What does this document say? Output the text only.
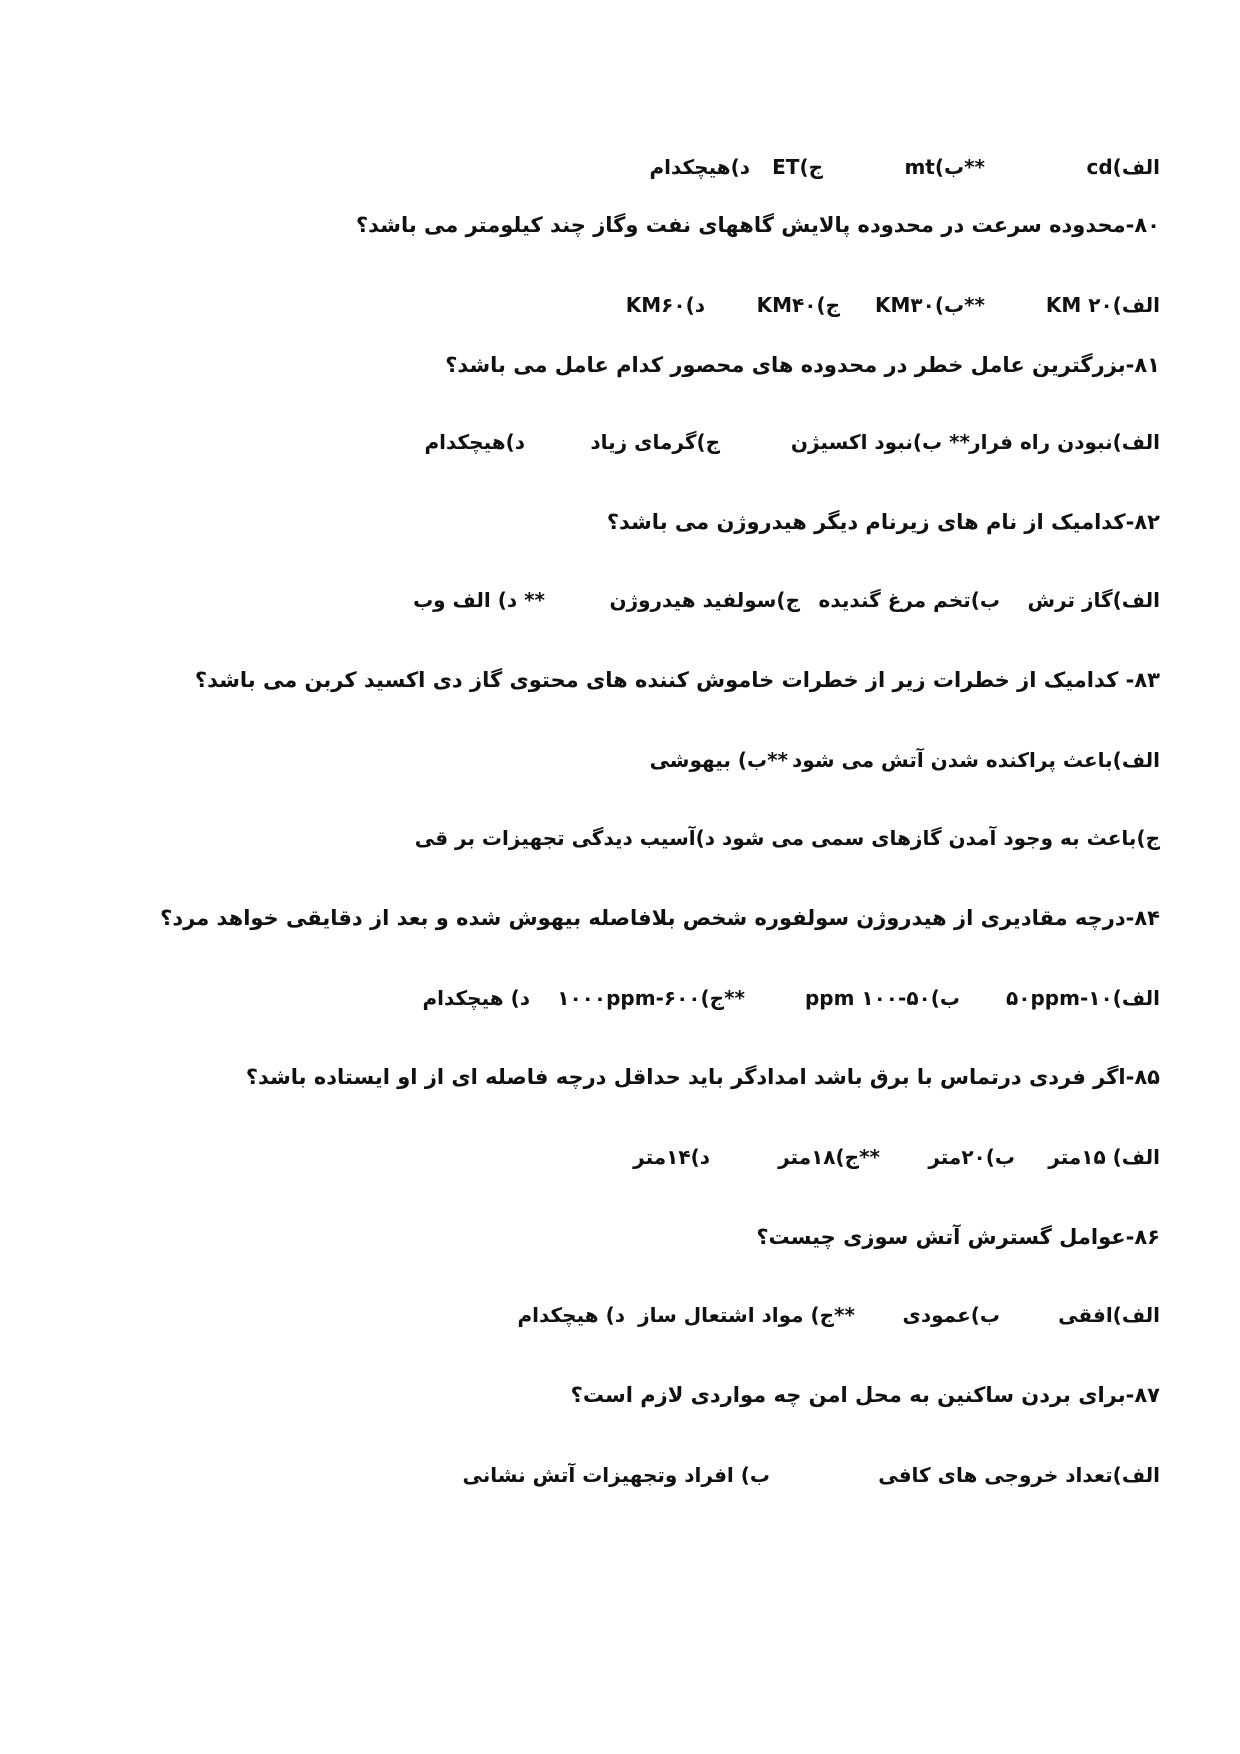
الف)cd
**ب)mt
ج)ET
د)هیچکدام
۸۰-محدوده سرعت در محدوده پالایش گاههای نفت وگاز چند کیلومتر می باشد؟
الف)KM ۲۰
**ب)KM۳۰
ج)KM۴۰
د)KM۶۰
۸۱-بزرگترین عامل خطر در محدوده های محصور کدام عامل می باشد؟
الف)نبودن راه فرار
** ب)نبود اکسیژن
ج)گرمای زیاد
د)هیچکدام
۸۲-کدامیک از نام های زیرنام دیگر هیدروژن می باشد؟
الف)گاز ترش
ب)تخم مرغ گندیده
ج)سولفید هیدروژن
** د) الف وب
۸۳- کدامیک از خطرات زیر از خطرات خاموش کننده های محتوی گاز دی اکسید کربن می باشد؟
الف)باعث پراکنده شدن آتش می شود
**ب) بیهوشی
ج)باعث به وجود آمدن گازهای سمی می شود
د)آسیب دیدگی تجهیزات بر قی
۸۴-درچه مقادیری از هیدروژن سولفوره شخص بلافاصله بیهوش شده و بعد از دقایقی خواهد مرد؟
الف)۱۰-۵۰ppm
ب)۵۰-۱۰۰ ppm
**ج)۶۰۰-۱۰۰۰ppm
د) هیچکدام
۸۵-اگر فردی درتماس با برق باشد امدادگر باید حداقل درچه فاصله ای از او ایستاده باشد؟
الف) ۱۵متر
ب)۲۰متر
**ج)۱۸متر
د)۱۴متر
۸۶-عوامل گسترش آتش سوزی چیست؟
الف)افقی
ب)عمودی
**ج) مواد اشتعال ساز
د) هیچکدام
۸۷-برای بردن ساکنین به محل امن چه مواردی لازم است؟
الف)تعداد خروجی های کافی
ب) افراد وتجهیزات آتش نشانی
